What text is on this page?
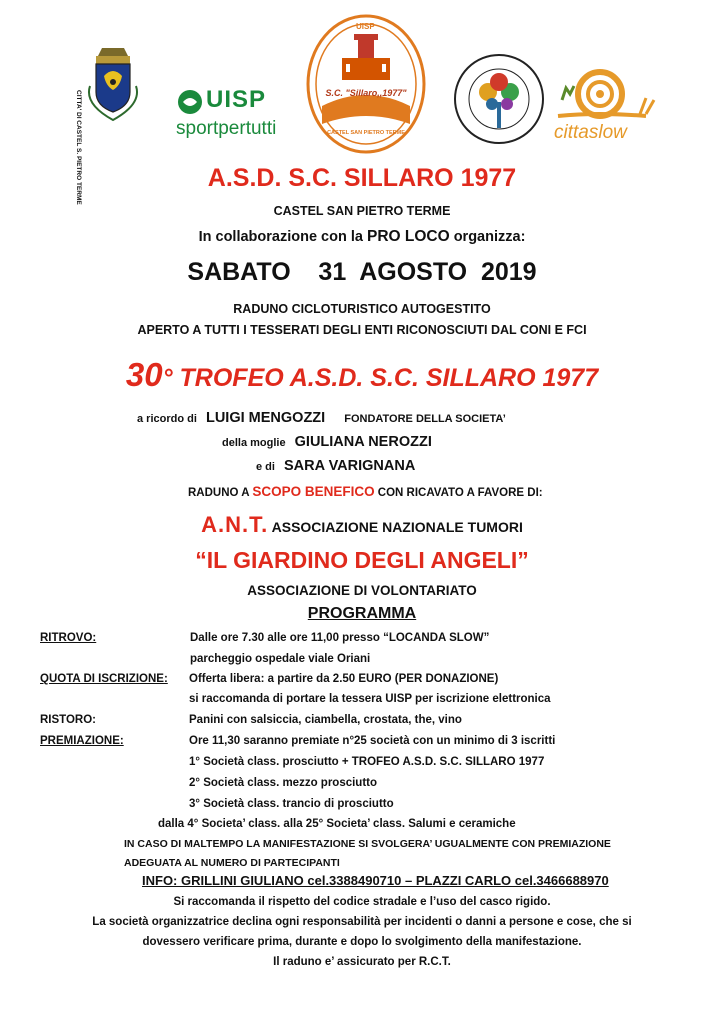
CITTA' DI CASTEL S. PIETRO TERME	UISP
sportpertutti
UISP
S.C. "Sillaro,,1977"
CASTEL SAN PIETRO TERME	cittaslow
A.S.D. S.C. SILLARO 1977
CASTEL SAN PIETRO TERME
In collaborazione con la PRO LOCO organizza:
SABATO    31  AGOSTO  2019
RADUNO CICLOTURISTICO AUTOGESTITO
APERTO A TUTTI I TESSERATI DEGLI ENTI RICONOSCIUTI DAL CONI E FCI
30° TROFEO A.S.D. S.C. SILLARO 1977
a ricordo di LUIGI MENGOZZI FONDATORE DELLA SOCIETA’
della moglie GIULIANA NEROZZI
e di SARA VARIGNANA
RADUNO A SCOPO BENEFICO CON RICAVATO A FAVORE DI:
A.N.T. ASSOCIAZIONE NAZIONALE TUMORI
“IL GIARDINO DEGLI ANGELI”
ASSOCIAZIONE DI VOLONTARIATO
PROGRAMMA
RITROVO:	Dalle ore 7.30 alle ore 11,00 presso “LOCANDA SLOW”
parcheggio ospedale viale Oriani
QUOTA DI ISCRIZIONE: Offerta libera: a partire da 2.50 EURO (PER DONAZIONE)
si raccomanda di portare la tessera UISP per iscrizione elettronica
RISTORO:	Panini con salsiccia, ciambella, crostata, the, vino
PREMIAZIONE:	Ore 11,30 saranno premiate n°25 società con un minimo di 3 iscritti
1° Società class. prosciutto + TROFEO A.S.D. S.C. SILLARO 1977
2° Società class. mezzo prosciutto
3° Società class. trancio di prosciutto
dalla 4° Societa’ class. alla 25° Societa’ class. Salumi e ceramiche
IN CASO DI MALTEMPO LA MANIFESTAZIONE SI SVOLGERA’ UGUALMENTE CON PREMIAZIONE
ADEGUATA AL NUMERO DI PARTECIPANTI
INFO: GRILLINI GIULIANO cel.3388490710 – PLAZZI CARLO cel.3466688970
Si raccomanda il rispetto del codice stradale e l’uso del casco rigido.
La società organizzatrice declina ogni responsabilità per incidenti o danni a persone e cose, che si
dovessero verificare prima, durante e dopo lo svolgimento della manifestazione.
Il raduno e’ assicurato per R.C.T.
